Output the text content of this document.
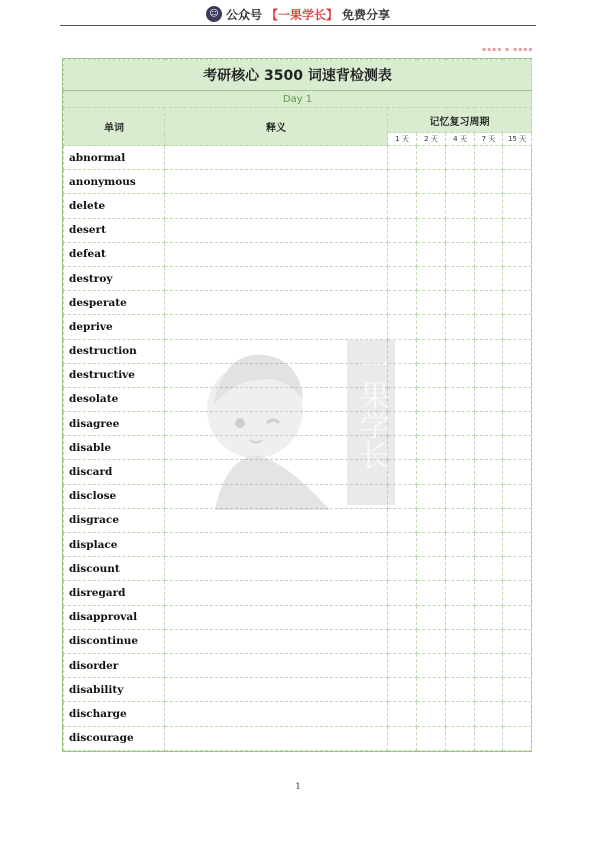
☺ 公众号 【一果学长】 免费分享
▪▪▪▪ ▪ ▪▪▪▪
考研核心 3500 词速背检测表						
Day 1						
单词	释义	记忆复习周期				
		1 天	2 天	4 天	7 天	15 天
abnormal						
anonymous						
delete						
desert						
defeat						
destroy						
desperate						
deprive						
destruction						
destructive						
desolate						
disagree						
disable						
discard						
disclose						
disgrace						
displace						
discount						
disregard						
disapproval						
discontinue						
disorder						
disability						
discharge						
discourage						
一果学长
1
